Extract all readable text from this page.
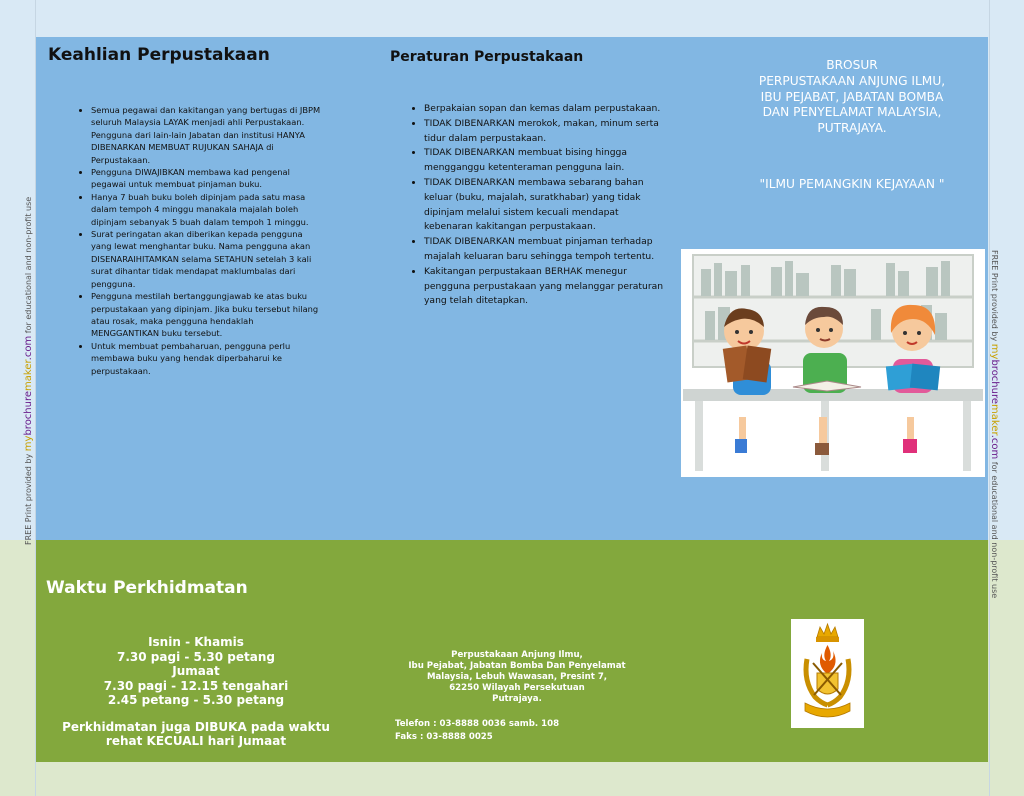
Keahlian Perpustakaan
• Semua pegawai dan kakitangan yang bertugas di JBPM seluruh Malaysia LAYAK menjadi ahli Perpustakaan. Pengguna dari lain-lain Jabatan dan institusi HANYA DIBENARKAN MEMBUAT RUJUKAN SAHAJA di Perpustakaan.
• Pengguna DIWAJIBKAN membawa kad pengenal pegawai untuk membuat pinjaman buku.
• Hanya 7 buah buku boleh dipinjam pada satu masa dalam tempoh 4 minggu manakala majalah boleh dipinjam sebanyak 5 buah dalam tempoh 1 minggu.
• Surat peringatan akan diberikan kepada pengguna yang lewat menghantar buku. Nama pengguna akan DISENARAIHITAMKAN selama SETAHUN setelah 3 kali surat dihantar tidak mendapat maklumbalas dari pengguna.
• Pengguna mestilah bertanggungjawab ke atas buku perpustakaan yang dipinjam. Jika buku tersebut hilang atau rosak, maka pengguna hendaklah MENGGANTIKAN buku tersebut.
• Untuk membuat pembaharuan, pengguna perlu membawa buku yang hendak diperbaharui ke perpustakaan.
Peraturan Perpustakaan
• Berpakaian sopan dan kemas dalam perpustakaan.
• TIDAK DIBENARKAN merokok, makan, minum serta tidur dalam perpustakaan.
• TIDAK DIBENARKAN membuat bising hingga mengganggu ketenteraman pengguna lain.
• TIDAK DIBENARKAN membawa sebarang bahan keluar (buku, majalah, suratkhabar) yang tidak dipinjam melalui sistem kecuali mendapat kebenaran kakitangan perpustakaan.
• TIDAK DIBENARKAN membuat pinjaman terhadap majalah keluaran baru sehingga tempoh tertentu.
• Kakitangan perpustakaan BERHAK menegur pengguna perpustakaan yang melanggar peraturan yang telah ditetapkan.
BROSUR
PERPUSTAKAAN ANJUNG ILMU,
IBU PEJABAT, JABATAN BOMBA
DAN PENYELAMAT MALAYSIA,
PUTRAJAYA.

"ILMU PEMANGKIN KEJAYAAN "

FREE Print provided by mybrochuremaker.com for educational and non-profit use	FREE Print provided by mybrochuremaker.com for educational and non-profit use
Waktu Perkhidmatan

Isnin - Khamis

7.30 pagi - 5.30 petang

Jumaat

7.30 pagi - 12.15 tengahari

2.45 petang - 5.30 petang

Perkhidmatan juga DIBUKA pada waktu

rehat KECUALI hari Jumaat

Perpustakaan Anjung Ilmu,

Ibu Pejabat, Jabatan Bomba Dan Penyelamat

Malaysia, Lebuh Wawasan, Presint 7,

62250 Wilayah Persekutuan

Putrajaya.

Telefon : 03-8888 0036 samb. 108

Faks : 03-8888 0025
